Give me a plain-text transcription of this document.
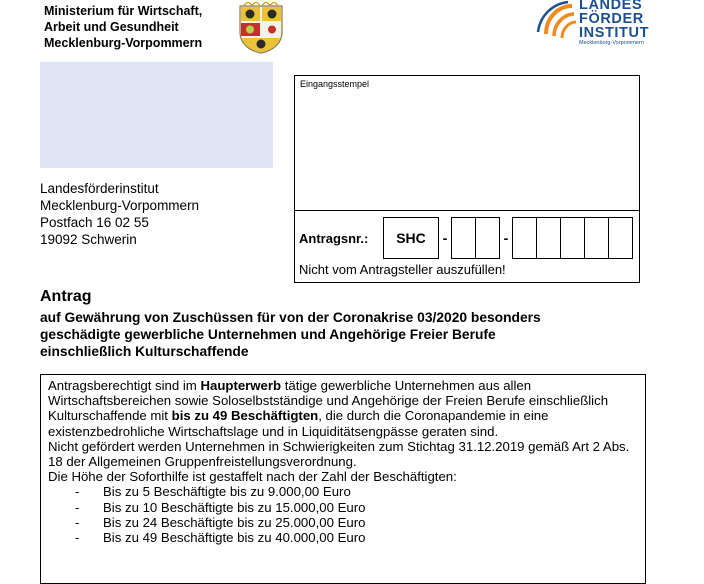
Ministerium für Wirtschaft,
Arbeit und Gesundheit
Mecklenburg-Vorpommern
LANDES
FÖRDER
INSTITUT
Mecklenburg-Vorpommern
Landesförderinstitut
Mecklenburg-Vorpommern
Postfach 16 02 55
19092 Schwerin
Eingangsstempel
Antragsnr.:	SHC	-	-
Nicht vom Antragsteller auszufüllen!
Antrag
auf Gewährung von Zuschüssen für von der Coronakrise 03/2020 besonders
geschädigte gewerbliche Unternehmen und Angehörige Freier Berufe
einschließlich Kulturschaffende

Antragsberechtigt sind im Haupterwerb tätige gewerbliche Unternehmen aus allen Wirtschaftsbereichen sowie Soloselbstständige und Angehörige der Freien Berufe einschließlich Kulturschaffende mit bis zu 49 Beschäftigten, die durch die Coronapandemie in eine existenzbedrohliche Wirtschaftslage und in Liquiditätsengpässe geraten sind.

Nicht gefördert werden Unternehmen in Schwierigkeiten zum Stichtag 31.12.2019 gemäß Art 2 Abs. 18 der Allgemeinen Gruppenfreistellungsverordnung.

Die Höhe der Soforthilfe ist gestaffelt nach der Zahl der Beschäftigten:

- Bis zu 5 Beschäftigte bis zu 9.000,00 Euro
- Bis zu 10 Beschäftigte bis zu 15.000,00 Euro
- Bis zu 24 Beschäftigte bis zu 25.000,00 Euro
- Bis zu 49 Beschäftigte bis zu 40.000,00 Euro
